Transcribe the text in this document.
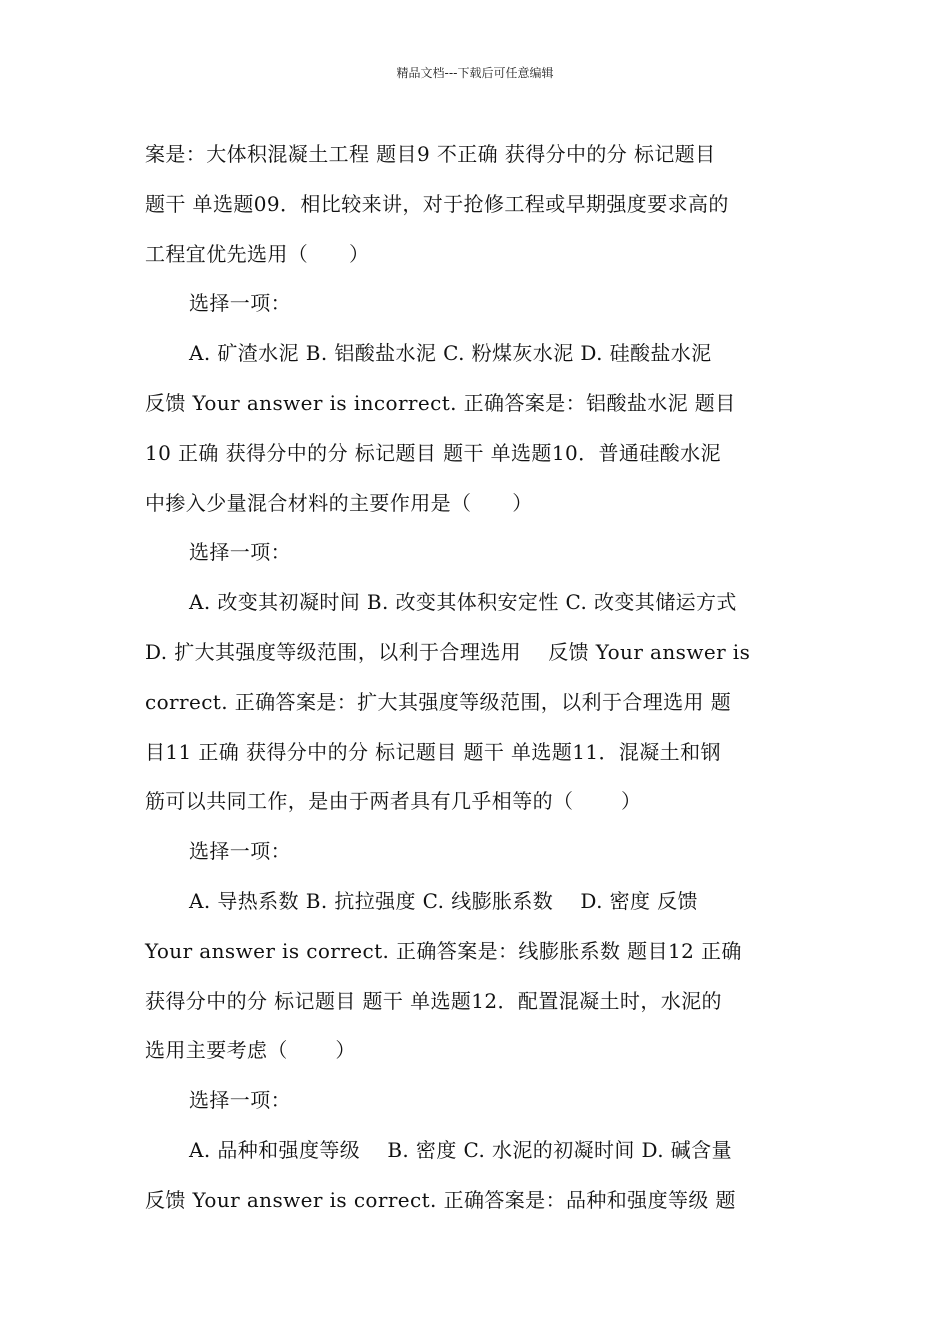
精品文档---下载后可任意编辑
案是：大体积混凝土工程 题目9 不正确 获得分中的分 标记题目
题干 单选题09．相比较来讲，对于抢修工程或早期强度要求高的
工程宜优先选用（　　）
选择一项：
A. 矿渣水泥 B. 铝酸盐水泥 C. 粉煤灰水泥 D. 硅酸盐水泥
反馈 Your answer is incorrect. 正确答案是：铝酸盐水泥 题目
10 正确 获得分中的分 标记题目 题干 单选题10．普通硅酸水泥
中掺入少量混合材料的主要作用是（　　）
选择一项：
A. 改变其初凝时间 B. 改变其体积安定性 C. 改变其储运方式
D. 扩大其强度等级范围，以利于合理选用　 反馈 Your answer is
correct. 正确答案是：扩大其强度等级范围，以利于合理选用 题
目11 正确 获得分中的分 标记题目 题干 单选题11．混凝土和钢
筋可以共同工作，是由于两者具有几乎相等的（　　 ）
选择一项：
A. 导热系数 B. 抗拉强度 C. 线膨胀系数　 D. 密度 反馈
Your answer is correct. 正确答案是：线膨胀系数 题目12 正确
获得分中的分 标记题目 题干 单选题12．配置混凝土时，水泥的
选用主要考虑（　　 ）
选择一项：
A. 品种和强度等级　 B. 密度 C. 水泥的初凝时间 D. 碱含量
反馈 Your answer is correct. 正确答案是：品种和强度等级 题
